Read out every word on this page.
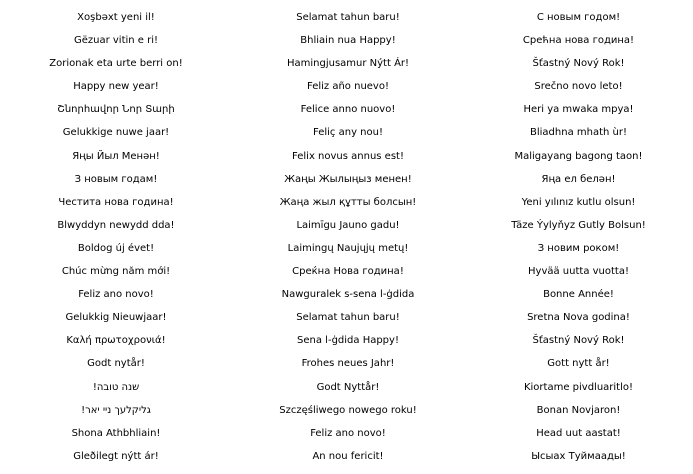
Xoşbəxt yeni il!
Gëzuar vitin e ri!
Zorionak eta urte berri on!
Happy new year!
Շնորհավոր Նոր Տարի
Gelukkige nuwe jaar!
Яңы Йыл Менән!
З новым годам!
Честита нова година!
Blwyddyn newydd dda!
Boldog új évet!
Chúc mừng năm mới!
Feliz ano novo!
Gelukkig Nieuwjaar!
Καλή πρωτοχρονιά!
Godt nytår!
שנה טובה!
גליקלעך ניי יאר!
Shona Athbhliain!
Gleðilegt nýtt ár!
Selamat tahun baru!
Bhliain nua Happy!
Hamingjusamur Nýtt Ár!
Feliz año nuevo!
Felice anno nuovo!
Feliç any nou!
Felix novus annus est!
Жаңы Жылыңыз менен!
Жаңа жыл құтты болсын!
Laimīgu Jauno gadu!
Laimingų Naujųjų metų!
Среќна Нова година!
Nawguralek s-sena l-ġdida
Selamat tahun baru!
Sena l-ġdida Happy!
Frohes neues Jahr!
Godt Nyttår!
Szczęśliwego nowego roku!
Feliz ano novo!
An nou fericit!
С новым годом!
Срећна нова година!
Šťastný Nový Rok!
Srečno novo leto!
Heri ya mwaka mpya!
Bliadhna mhath ùr!
Maligayang bagong taon!
Яңа ел белән!
Yeni yılınız kutlu olsun!
Täze Ýylyňyz Gutly Bolsun!
З новим роком!
Hyvää uutta vuotta!
Bonne Année!
Sretna Nova godina!
Šťastný Nový Rok!
Gott nytt år!
Kiortame pivdluaritlo!
Bonan Novjaron!
Head uut aastat!
Ысыах Туймаады!
